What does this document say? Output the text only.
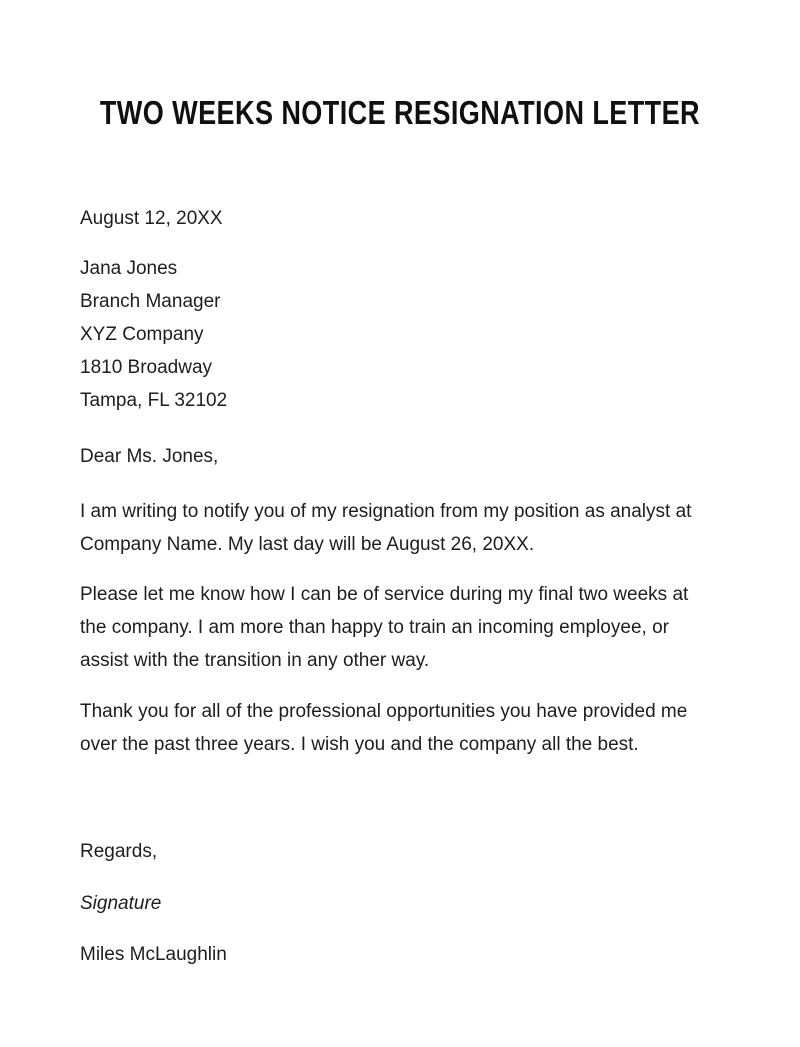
TWO WEEKS NOTICE RESIGNATION LETTER
August 12, 20XX
Jana Jones
Branch Manager
XYZ Company
1810 Broadway
Tampa, FL 32102
Dear Ms. Jones,
I am writing to notify you of my resignation from my position as analyst at
Company Name. My last day will be August 26, 20XX.
Please let me know how I can be of service during my final two weeks at
the company. I am more than happy to train an incoming employee, or
assist with the transition in any other way.
Thank you for all of the professional opportunities you have provided me
over the past three years. I wish you and the company all the best.
Regards,
Signature
Miles McLaughlin
